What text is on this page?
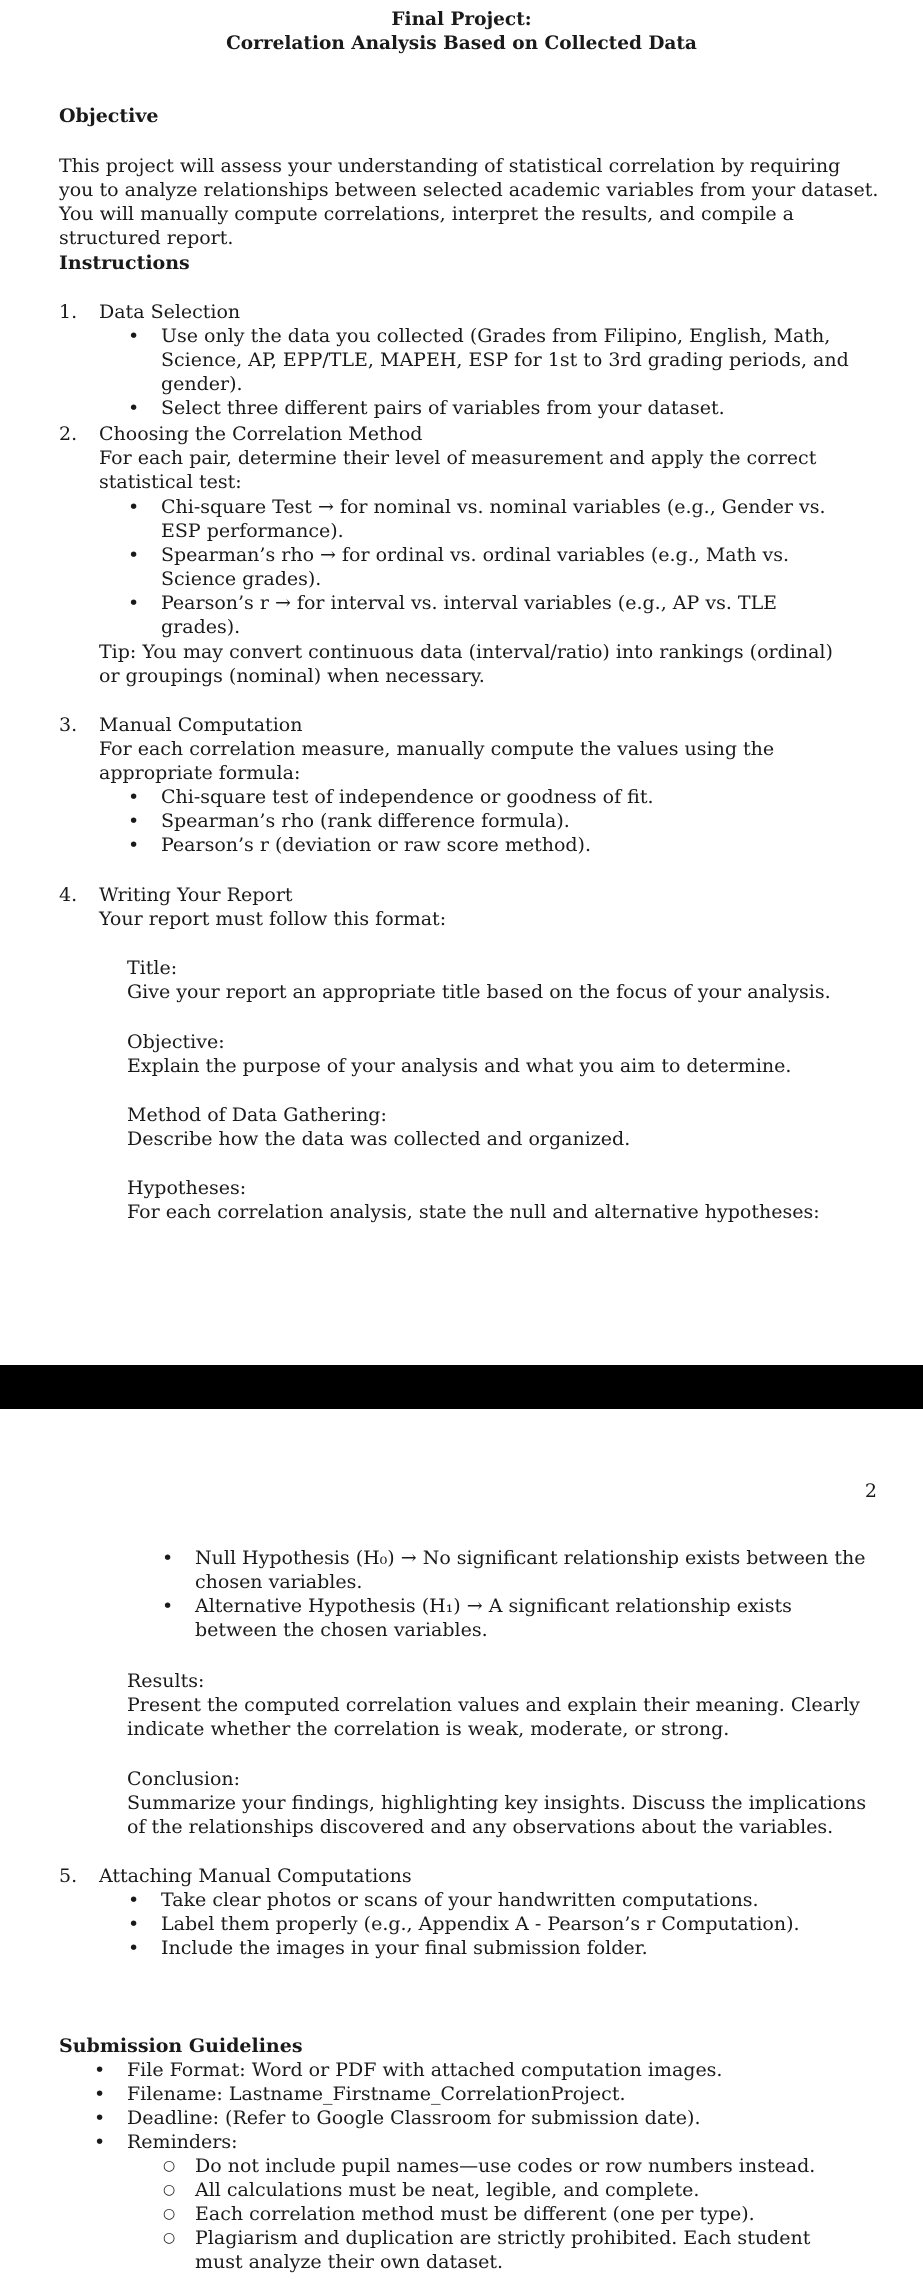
Final Project:
Correlation Analysis Based on Collected Data
Objective
This project will assess your understanding of statistical correlation by requiring you to analyze relationships between selected academic variables from your dataset. You will manually compute correlations, interpret the results, and compile a structured report.
Instructions
1.	Data Selection
• Use only the data you collected (Grades from Filipino, English, Math, Science, AP, EPP/TLE, MAPEH, ESP for 1st to 3rd grading periods, and gender).
• Select three different pairs of variables from your dataset.
2.	Choosing the Correlation Method
For each pair, determine their level of measurement and apply the correct statistical test:
• Chi-square Test → for nominal vs. nominal variables (e.g., Gender vs. ESP performance).
• Spearman’s rho → for ordinal vs. ordinal variables (e.g., Math vs. Science grades).
• Pearson’s r → for interval vs. interval variables (e.g., AP vs. TLE grades).
Tip: You may convert continuous data (interval/ratio) into rankings (ordinal) or groupings (nominal) when necessary.
3.	Manual Computation
For each correlation measure, manually compute the values using the appropriate formula:
• Chi-square test of independence or goodness of fit.
• Spearman’s rho (rank difference formula).
• Pearson’s r (deviation or raw score method).
4.	Writing Your Report
Your report must follow this format:
Title:
Give your report an appropriate title based on the focus of your analysis.
Objective:
Explain the purpose of your analysis and what you aim to determine.
Method of Data Gathering:
Describe how the data was collected and organized.
Hypotheses:
For each correlation analysis, state the null and alternative hypotheses:
2
• Null Hypothesis (H₀) → No significant relationship exists between the chosen variables.
• Alternative Hypothesis (H₁) → A significant relationship exists between the chosen variables.
Results:
Present the computed correlation values and explain their meaning. Clearly indicate whether the correlation is weak, moderate, or strong.
Conclusion:
Summarize your findings, highlighting key insights. Discuss the implications of the relationships discovered and any observations about the variables.
5.	Attaching Manual Computations
• Take clear photos or scans of your handwritten computations.
• Label them properly (e.g., Appendix A - Pearson’s r Computation).
• Include the images in your final submission folder.
Submission Guidelines
• File Format: Word or PDF with attached computation images.
• Filename: Lastname_Firstname_CorrelationProject.
• Deadline: (Refer to Google Classroom for submission date).
• Reminders:
○ Do not include pupil names—use codes or row numbers instead.
○ All calculations must be neat, legible, and complete.
○ Each correlation method must be different (one per type).
○ Plagiarism and duplication are strictly prohibited. Each student must analyze their own dataset.
